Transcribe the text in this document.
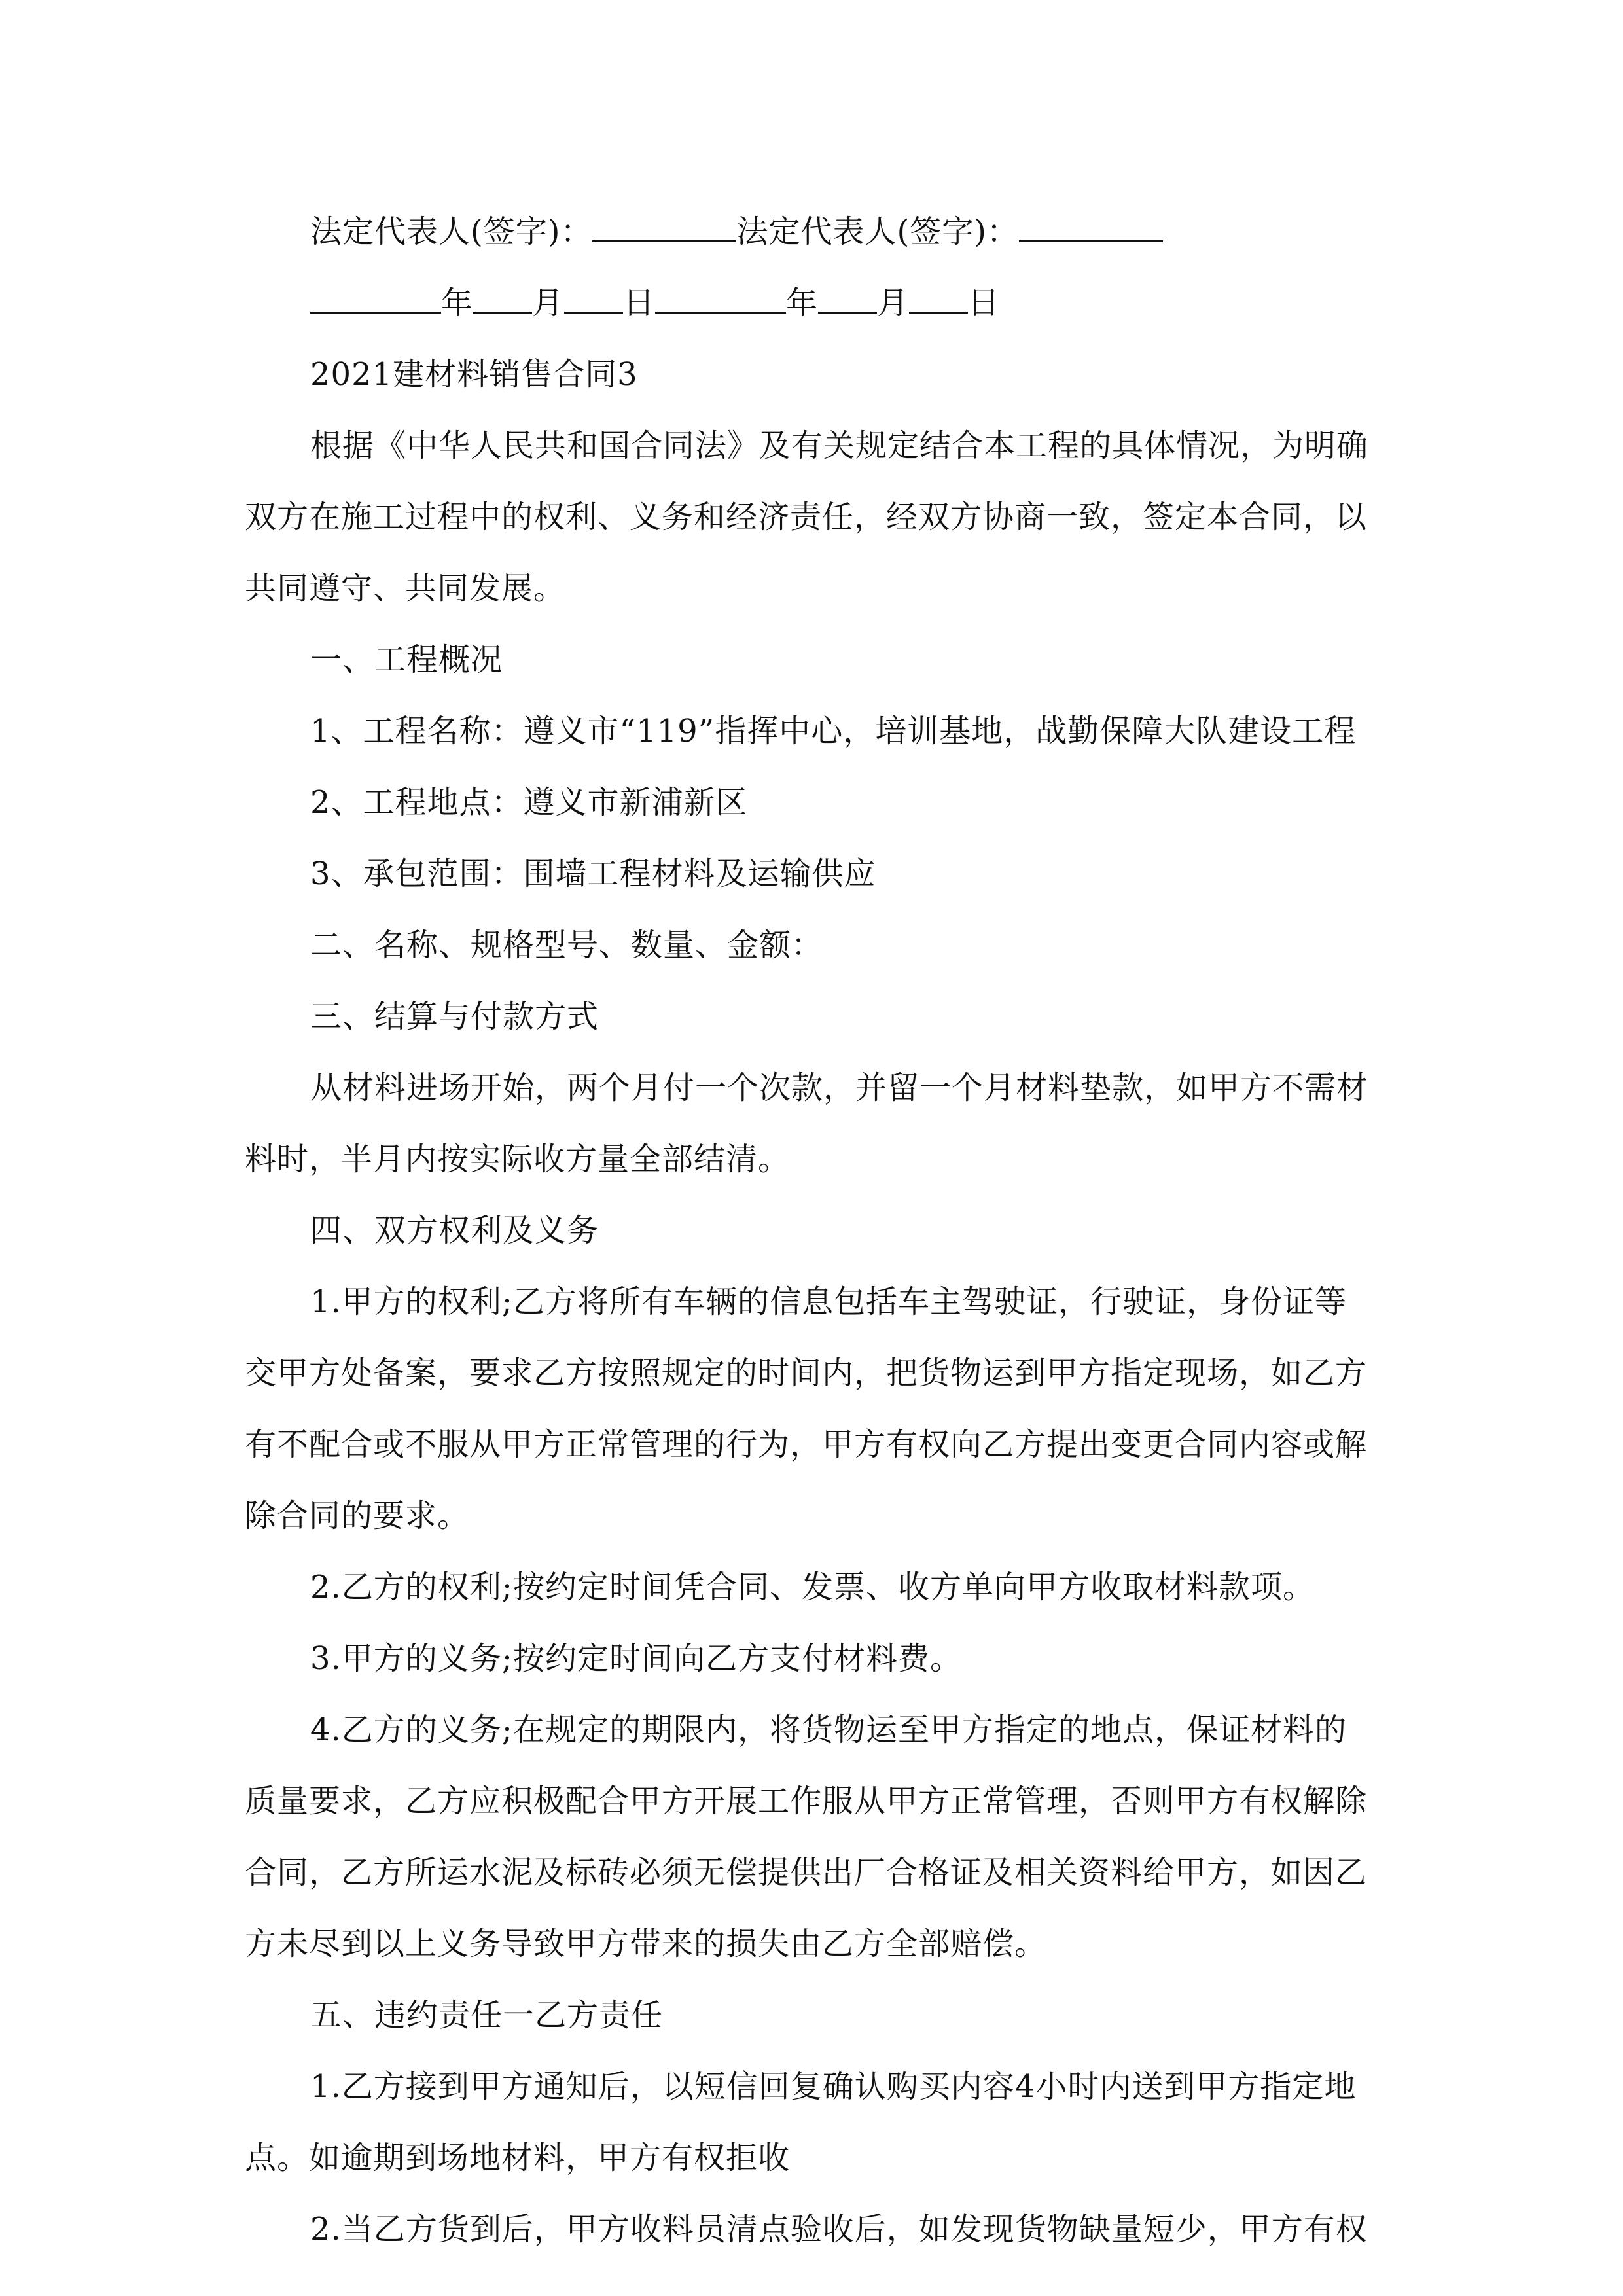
法定代表人(签字)：	法定代表人(签字)：
年 月 日	年 月 日
2021建材料销售合同3
根据《中华人民共和国合同法》及有关规定结合本工程的具体情况，为明确
双方在施工过程中的权利、义务和经济责任，经双方协商一致，签定本合同，以
共同遵守、共同发展。
一、工程概况
1、工程名称：遵义市“119”指挥中心，培训基地，战勤保障大队建设工程
2、工程地点：遵义市新浦新区
3、承包范围：围墙工程材料及运输供应
二、名称、规格型号、数量、金额：
三、结算与付款方式
从材料进场开始，两个月付一个次款，并留一个月材料垫款，如甲方不需材
料时，半月内按实际收方量全部结清。
四、双方权利及义务
1.甲方的权利;乙方将所有车辆的信息包括车主驾驶证，行驶证，身份证等
交甲方处备案，要求乙方按照规定的时间内，把货物运到甲方指定现场，如乙方
有不配合或不服从甲方正常管理的行为，甲方有权向乙方提出变更合同内容或解
除合同的要求。
2.乙方的权利;按约定时间凭合同、发票、收方单向甲方收取材料款项。
3.甲方的义务;按约定时间向乙方支付材料费。
4.乙方的义务;在规定的期限内，将货物运至甲方指定的地点，保证材料的
质量要求，乙方应积极配合甲方开展工作服从甲方正常管理，否则甲方有权解除
合同，乙方所运水泥及标砖必须无偿提供出厂合格证及相关资料给甲方，如因乙
方未尽到以上义务导致甲方带来的损失由乙方全部赔偿。
五、违约责任一乙方责任
1.乙方接到甲方通知后，以短信回复确认购买内容4小时内送到甲方指定地
点。如逾期到场地材料，甲方有权拒收
2.当乙方货到后，甲方收料员清点验收后，如发现货物缺量短少，甲方有权
